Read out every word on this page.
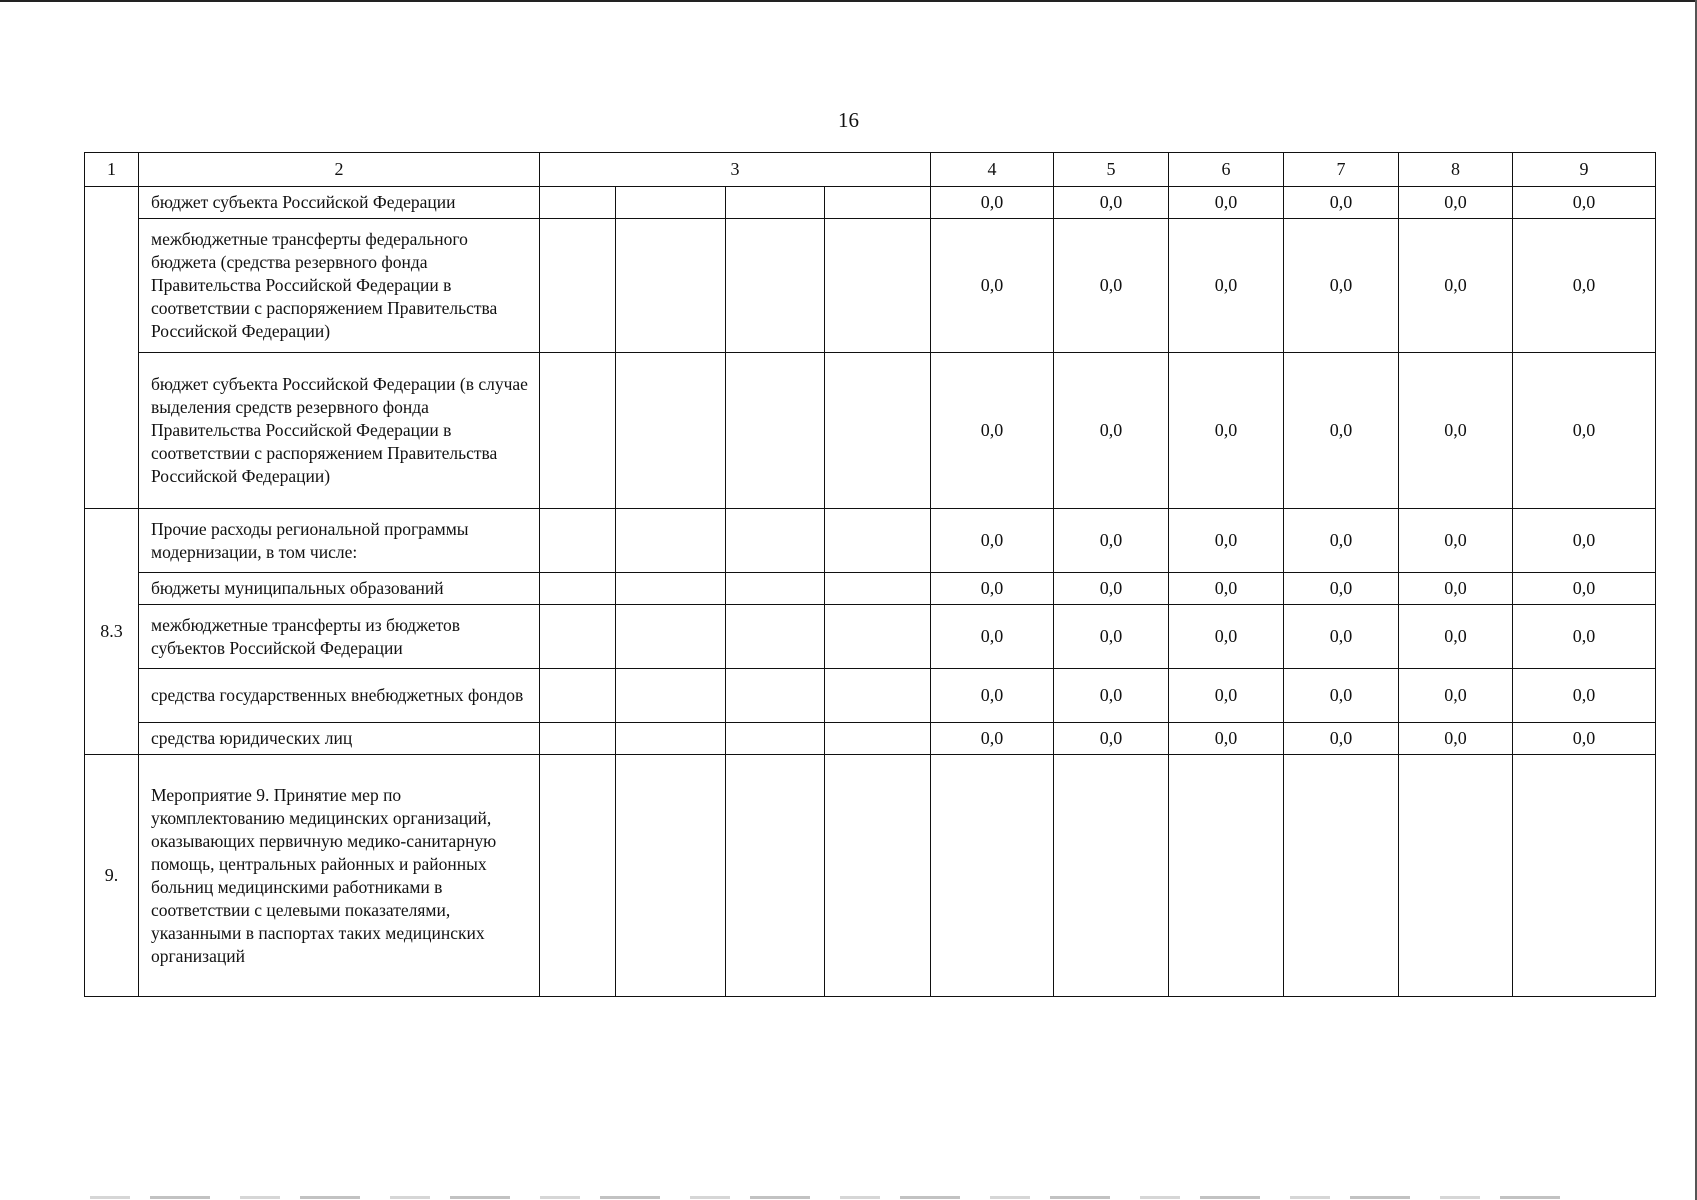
16
1	2	3				4	5	6	7	8	9
	бюджет субъекта Российской Федерации					0,0	0,0	0,0	0,0	0,0	0,0
	межбюджетные трансферты федерального бюджета (средства резервного фонда Правительства Российской Федерации в соответствии с распоряжением Правительства Российской Федерации)					0,0	0,0	0,0	0,0	0,0	0,0
	бюджет субъекта Российской Федерации (в случае выделения средств резервного фонда Правительства Российской Федерации в соответствии с распоряжением Правительства Российской Федерации)					0,0	0,0	0,0	0,0	0,0	0,0
8.3	Прочие расходы региональной программы модернизации, в том числе:					0,0	0,0	0,0	0,0	0,0	0,0
	бюджеты муниципальных образований					0,0	0,0	0,0	0,0	0,0	0,0
	межбюджетные трансферты из бюджетов субъектов Российской Федерации					0,0	0,0	0,0	0,0	0,0	0,0
	средства государственных внебюджетных фондов					0,0	0,0	0,0	0,0	0,0	0,0
	средства юридических лиц					0,0	0,0	0,0	0,0	0,0	0,0
9.	Мероприятие 9. Принятие мер по укомплектованию медицинских организаций, оказывающих первичную медико-санитарную помощь, центральных районных и районных больниц медицинскими работниками в соответствии с целевыми показателями, указанными в паспортах таких медицинских организаций										
